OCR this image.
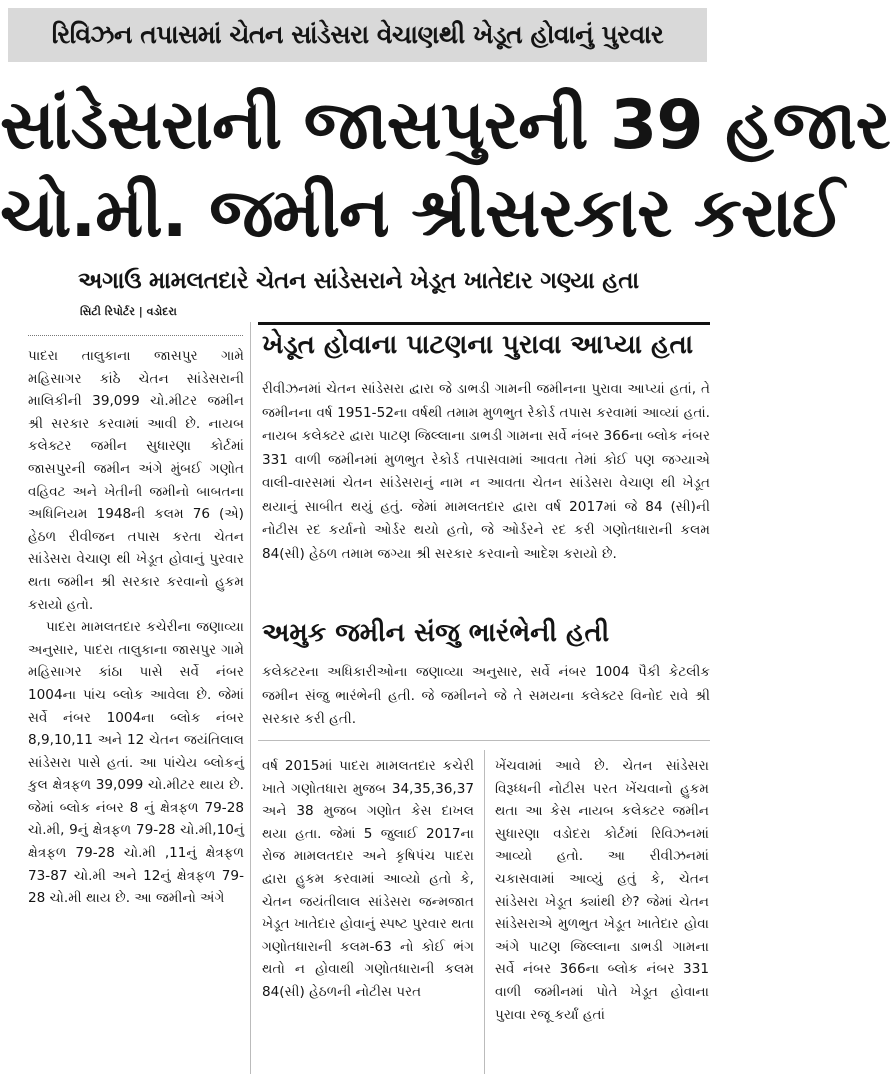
રિવિઝન તપાસમાં ચેતન સાંડેસરા વેચાણથી ખેડૂત હોવાનું પુરવાર
સાંડેસરાની જાસપુરની 39 હજાર
ચો.મી. જમીન શ્રીસરકાર કરાઈ
અગાઉ મામલતદારે ચેતન સાંડેસરાને ખેડૂત ખાતેદાર ગણ્યા હતા
સિટી રિપોર્ટર | વડોદરા

પાદરા તાલુકાના જાસપુર ગામે મહિસાગર કાંઠે ચેતન સાંડેસરાની માલિકીની 39,099 ચો.મીટર જમીન શ્રી સરકાર કરવામાં આવી છે. નાયબ કલેક્ટર જમીન સુધારણા કોર્ટમાં જાસપુરની જમીન અંગે મુંબઈ ગણોત વહિવટ અને ખેતીની જમીનો બાબતના અધિનિયમ 1948ની કલમ 76 (એ) હેઠળ રીવીજન તપાસ કરતા ચેતન સાંડેસરા વેચાણ થી ખેડૂત હોવાનું પુરવાર થતા જમીન શ્રી સરકાર કરવાનો હુકમ કરાયો હતો.

પાદરા મામલતદાર કચેરીના જણાવ્યા અનુસાર, પાદરા તાલુકાના જાસપુર ગામે મહિસાગર કાંઠા પાસે સર્વે નંબર 1004ના પાંચ બ્લોક આવેલા છે. જેમાં સર્વે નંબર 1004ના બ્લોક નંબર 8,9,10,11 અને 12 ચેતન જયંતિલાલ સાંડેસરા પાસે હતાં. આ પાંચેય બ્લોકનું કુલ ક્ષેત્રફળ 39,099 ચો.મીટર થાય છે. જેમાં બ્લોક નંબર 8 નું ક્ષેત્રફળ 79-28 ચો.મી, 9નું ક્ષેત્રફળ 79-28 ચો.મી,10નું ક્ષેત્રફળ 79-28 ચો.મી ,11નું ક્ષેત્રફળ 73-87 ચો.મી અને 12નું ક્ષેત્રફળ 79-28 ચો.મી થાય છે. આ જમીનો અંગે

ખેડૂત હોવાના પાટણના પુરાવા આપ્યા હતા
રીવીઝનમાં ચેતન સાંડેસરા દ્વારા જે ડાભડી ગામની જમીનના પુરાવા આપ્યાં હતાં, તે જમીનના વર્ષ 1951-52ના વર્ષથી તમામ મુળભુત રેકોર્ડ તપાસ કરવામાં આવ્યાં હતાં. નાયબ કલેક્ટર દ્વારા પાટણ જિલ્લાના ડાભડી ગામના સર્વે નંબર 366ના બ્લોક નંબર 331 વાળી જમીનમાં મુળભુત રેકોર્ડ તપાસવામાં આવતા તેમાં કોઈ પણ જગ્યાએ વાલી-વારસમાં ચેતન સાંડેસરાનું નામ ન આવતા ચેતન સાંડેસરા વેચાણ થી ખેડૂત થયાનું સાબીત થયું હતું. જેમાં મામલતદાર દ્વારા વર્ષ 2017માં જે 84 (સી)ની નોટીસ રદ કર્યાનો ઓર્ડર થયો હતો, જે ઓર્ડરને રદ કરી ગણોતધારાની કલમ 84(સી) હેઠળ તમામ જગ્યા શ્રી સરકાર કરવાનો આદેશ કરાયો છે.
અમુક જમીન સંજુ ભારંભેની હતી
કલેક્ટરના અધિકારીઓના જણાવ્યા અનુસાર, સર્વે નંબર 1004 પૈકી કેટલીક જમીન સંજુ ભારંભેની હતી. જે જમીનને જે તે સમયના કલેક્ટર વિનોદ રાવે શ્રી સરકાર કરી હતી.
વર્ષ 2015માં પાદરા મામલતદાર કચેરી ખાતે ગણોતધારા મુજબ 34,35,36,37 અને 38 મુજબ ગણોત કેસ દાખલ થયા હતા. જેમાં 5 જુલાઈ 2017ના રોજ મામલતદાર અને કૃષિપંચ પાદરા દ્વારા હુકમ કરવામાં આવ્યો હતો કે, ચેતન જયંતીલાલ સાંડેસરા જન્મજાત ખેડૂત ખાતેદાર હોવાનું સ્પષ્ટ પુરવાર થતા ગણોતધારાની કલમ-63 નો કોઈ ભંગ થતો ન હોવાથી ગણોતધારાની કલમ 84(સી) હેઠળની નોટીસ પરત
ખેંચવામાં આવે છે. ચેતન સાંડેસરા વિરૂધ્ધની નોટીસ પરત ખેંચવાનો હુકમ થતા આ કેસ નાયબ કલેક્ટર જમીન સુધારણા વડોદરા કોર્ટમાં રિવિઝનમાં આવ્યો હતો. આ રીવીઝનમાં ચકાસવામાં આવ્યું હતું કે, ચેતન સાંડેસરા ખેડૂત ક્યાંથી છે? જેમાં ચેતન સાંડેસરાએ મુળભુત ખેડૂત ખાતેદાર હોવા અંગે પાટણ જિલ્લાના ડાભડી ગામના સર્વે નંબર 366ના બ્લોક નંબર 331 વાળી જમીનમાં પોતે ખેડૂત હોવાના પુરાવા રજૂ કર્યાં હતાં
